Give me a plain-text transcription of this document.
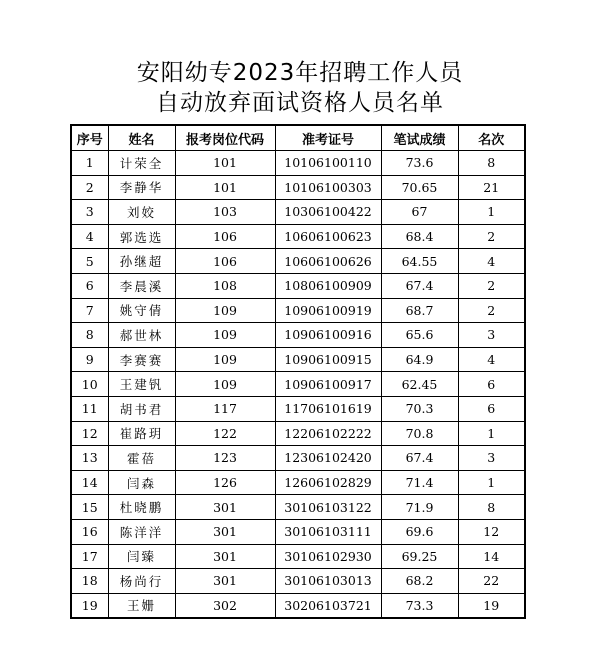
安阳幼专2023年招聘工作人员
自动放弃面试资格人员名单
序号	姓名	报考岗位代码	准考证号	笔试成绩	名次
1	计荣全	101	10106100110	73.6	8
2	李静华	101	10106100303	70.65	21
3	刘姣	103	10306100422	67	1
4	郭选选	106	10606100623	68.4	2
5	孙继超	106	10606100626	64.55	4
6	李晨溪	108	10806100909	67.4	2
7	姚守倩	109	10906100919	68.7	2
8	郝世林	109	10906100916	65.6	3
9	李赛赛	109	10906100915	64.9	4
10	王建钒	109	10906100917	62.45	6
11	胡书君	117	11706101619	70.3	6
12	崔路玥	122	12206102222	70.8	1
13	霍蓓	123	12306102420	67.4	3
14	闫森	126	12606102829	71.4	1
15	杜晓鹏	301	30106103122	71.9	8
16	陈洋洋	301	30106103111	69.6	12
17	闫臻	301	30106102930	69.25	14
18	杨尚行	301	30106103013	68.2	22
19	王姗	302	30206103721	73.3	19
